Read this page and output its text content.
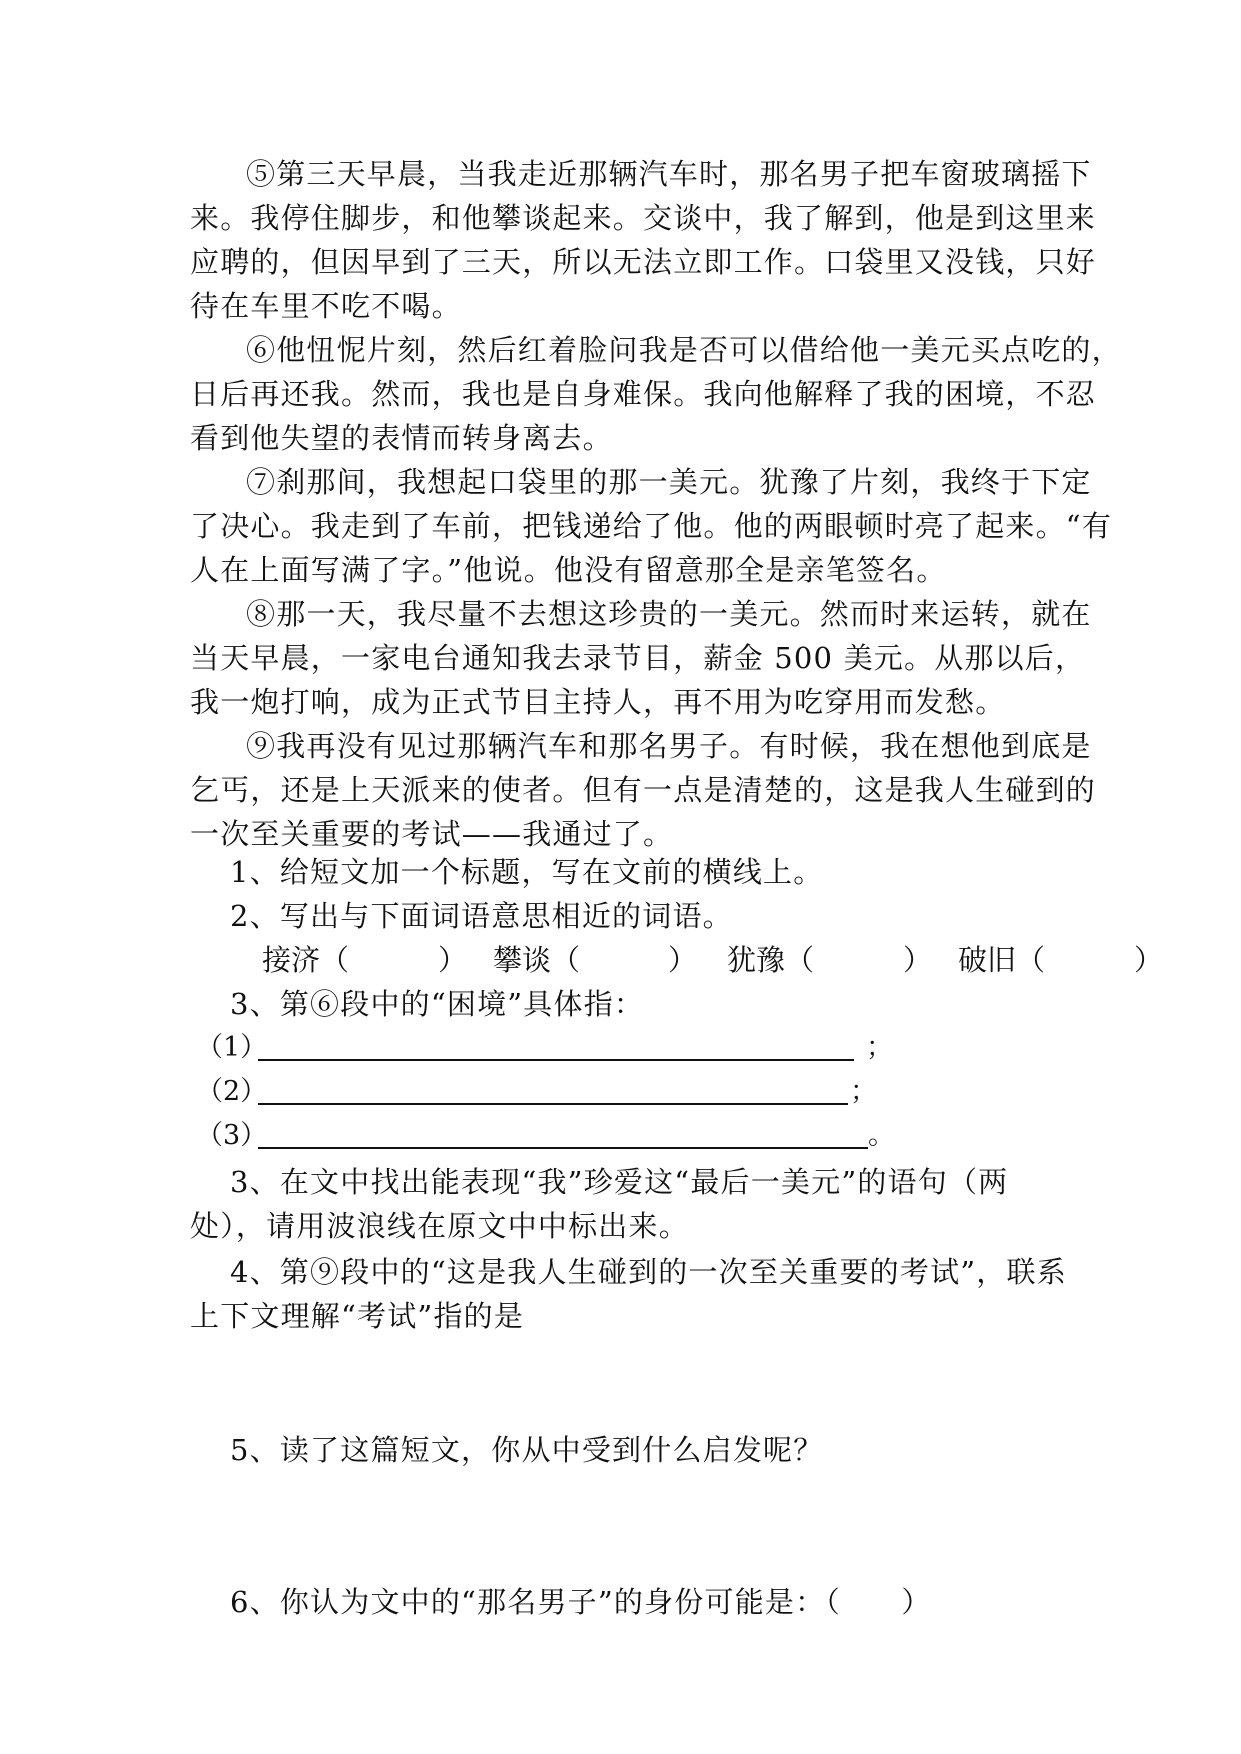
⑤第三天早晨，当我走近那辆汽车时，那名男子把车窗玻璃摇下
来。我停住脚步，和他攀谈起来。交谈中，我了解到，他是到这里来
应聘的，但因早到了三天，所以无法立即工作。口袋里又没钱，只好
待在车里不吃不喝。
⑥他忸怩片刻，然后红着脸问我是否可以借给他一美元买点吃的，
日后再还我。然而，我也是自身难保。我向他解释了我的困境，不忍
看到他失望的表情而转身离去。
⑦刹那间，我想起口袋里的那一美元。犹豫了片刻，我终于下定
了决心。我走到了车前，把钱递给了他。他的两眼顿时亮了起来。“有
人在上面写满了字。”他说。他没有留意那全是亲笔签名。
⑧那一天，我尽量不去想这珍贵的一美元。然而时来运转，就在
当天早晨，一家电台通知我去录节目，薪金 500 美元。从那以后，
我一炮打响，成为正式节目主持人，再不用为吃穿用而发愁。
⑨我再没有见过那辆汽车和那名男子。有时候，我在想他到底是
乞丐，还是上天派来的使者。但有一点是清楚的，这是我人生碰到的
一次至关重要的考试——我通过了。
1、给短文加一个标题，写在文前的横线上。
2、写出与下面词语意思相近的词语。
接济（	） 攀谈（	） 犹豫（	） 破旧（	）
3、第⑥段中的“困境”具体指：
（1）	；
（2）	；
（3）	。
3、在文中找出能表现“我”珍爱这“最后一美元”的语句（两
处），请用波浪线在原文中中标出来。
4、第⑨段中的“这是我人生碰到的一次至关重要的考试”，联系
上下文理解“考试”指的是
5、读了这篇短文，你从中受到什么启发呢？
6、你认为文中的“那名男子”的身份可能是：（　　）
